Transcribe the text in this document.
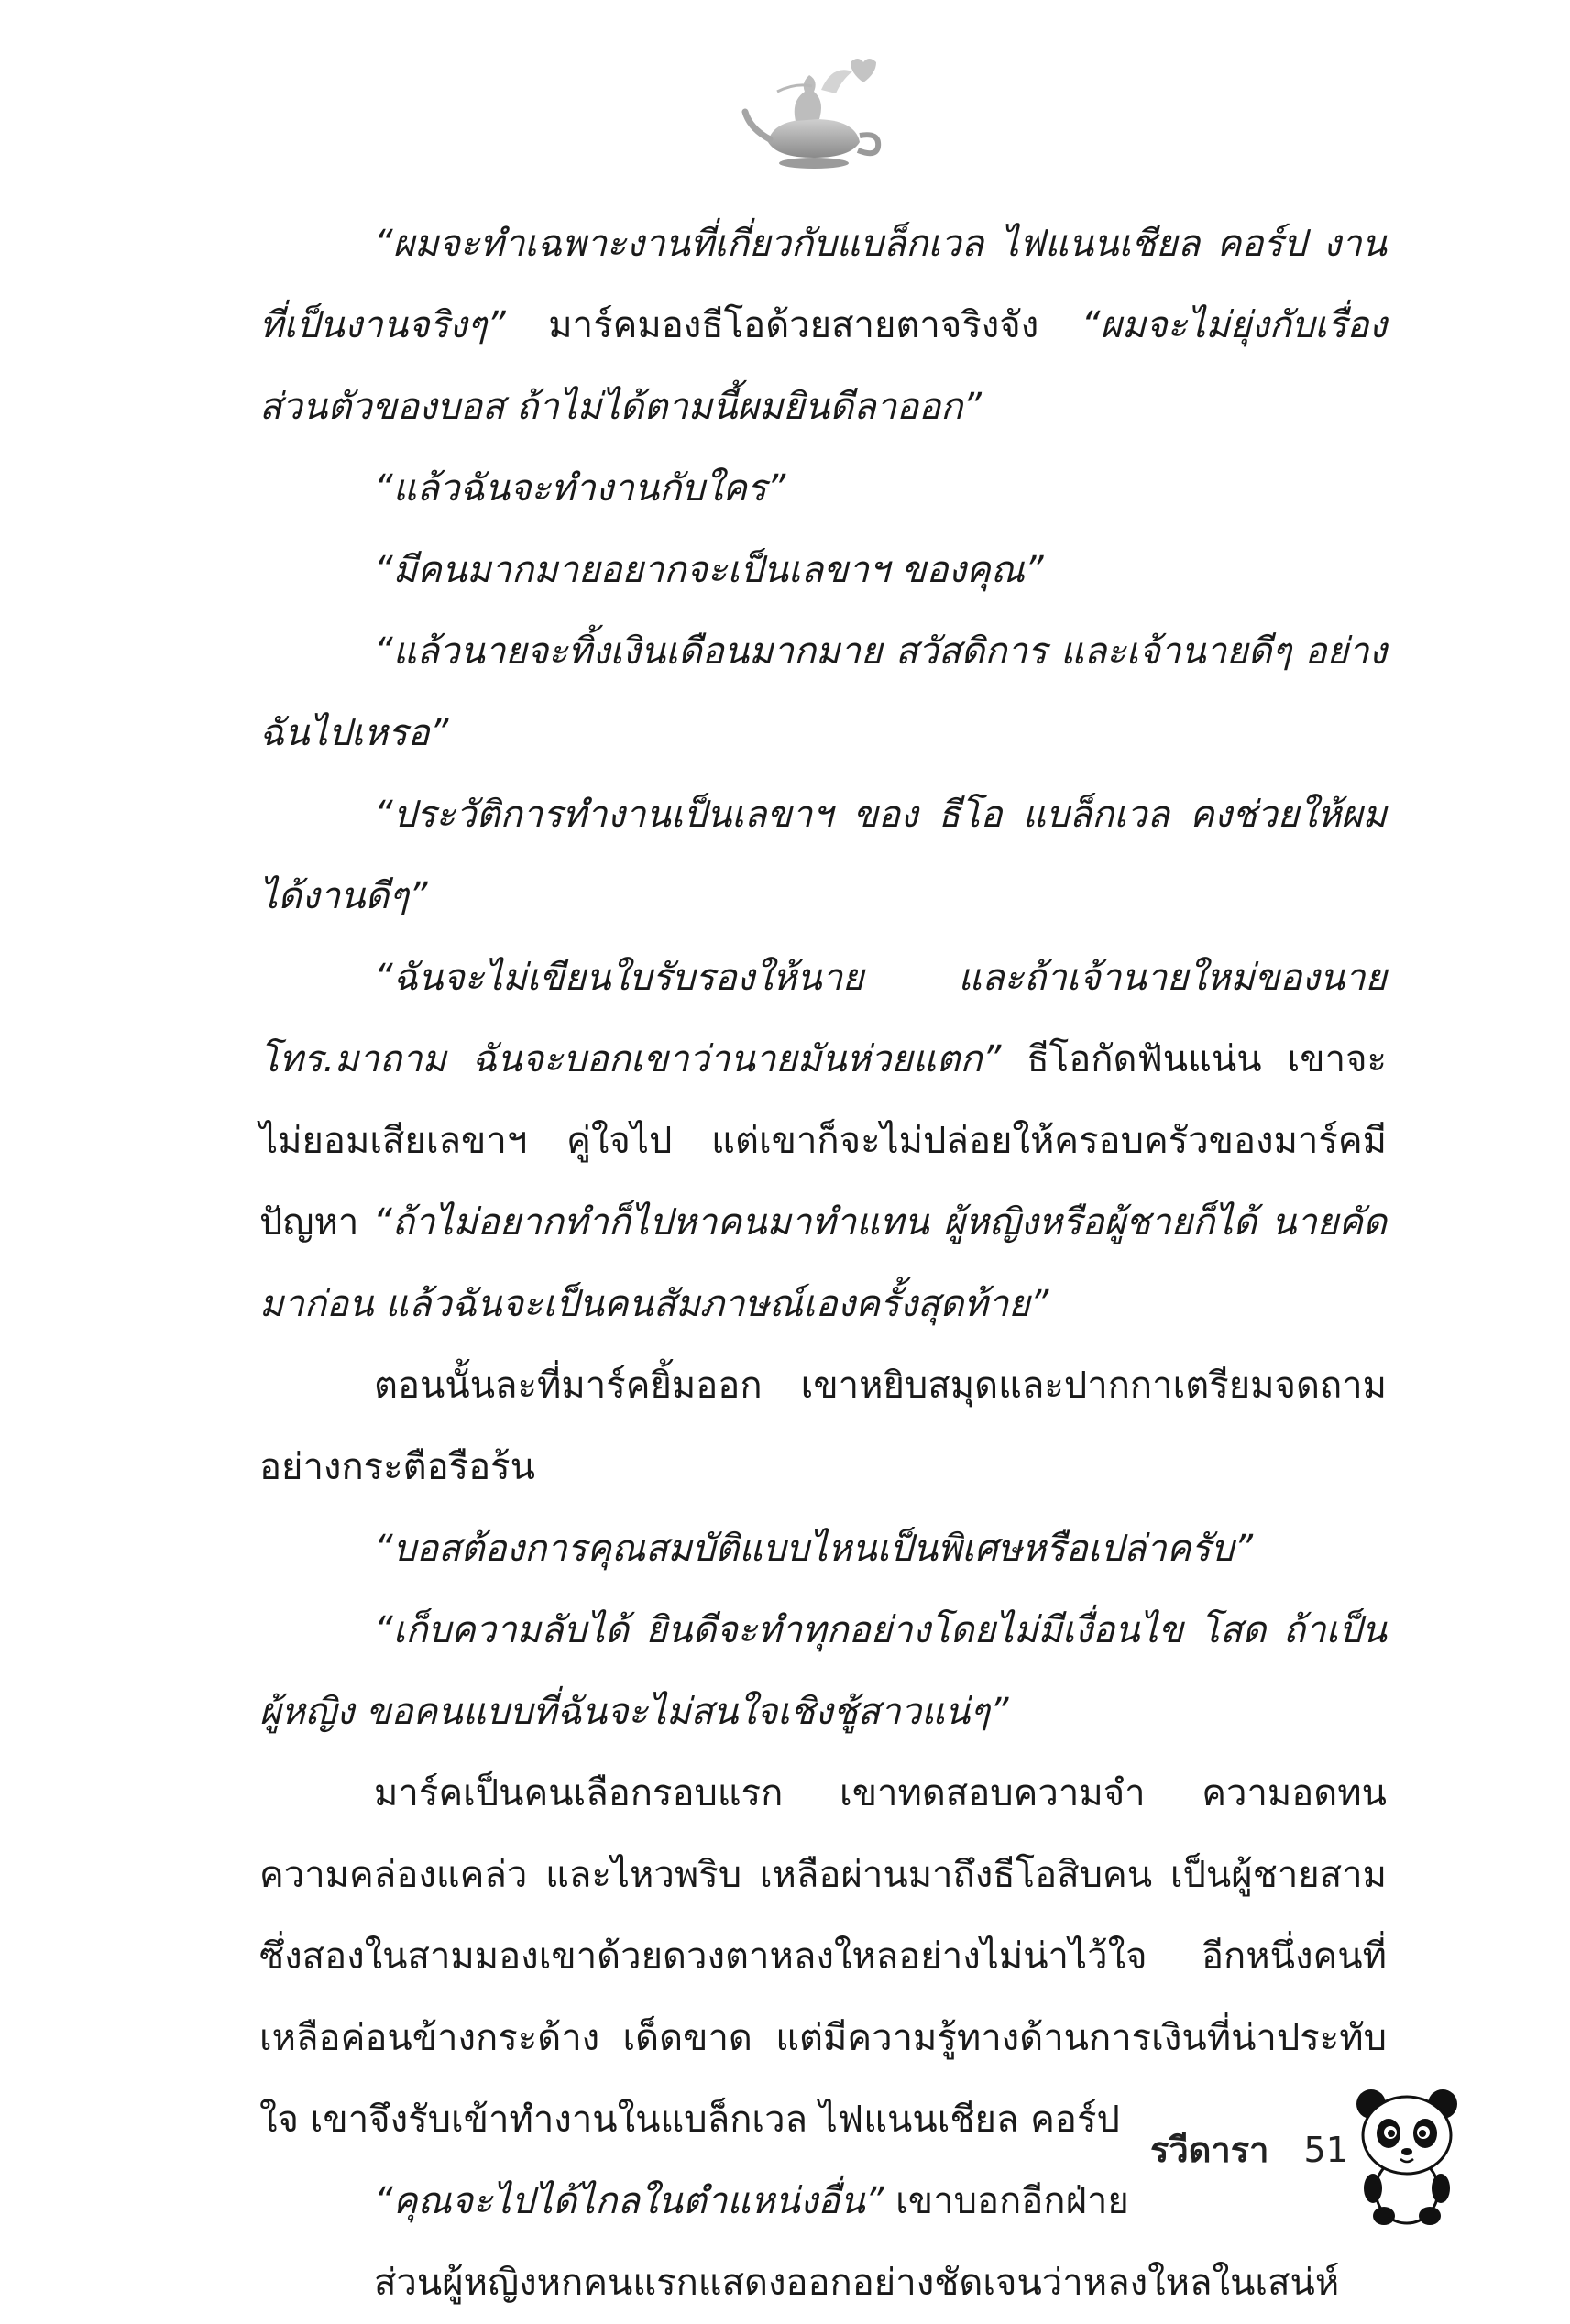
“ผมจะทำเฉพาะงานที่เกี่ยวกับแบล็กเวล ไฟแนนเชียล คอร์ป งานที่เป็นงานจริงๆ” มาร์คมองธีโอด้วยสายตาจริงจัง “ผมจะไม่ยุ่งกับเรื่องส่วนตัวของบอส ถ้าไม่ได้ตามนี้ผมยินดีลาออก”

“แล้วฉันจะทำงานกับใคร”

“มีคนมากมายอยากจะเป็นเลขาฯ ของคุณ”

“แล้วนายจะทิ้งเงินเดือนมากมาย สวัสดิการ และเจ้านายดีๆ อย่างฉันไปเหรอ”

“ประวัติการทำงานเป็นเลขาฯ ของ ธีโอ แบล็กเวล คงช่วยให้ผมได้งานดีๆ”

“ฉันจะไม่เขียนใบรับรองให้นาย และถ้าเจ้านายใหม่ของนายโทร.มาถาม ฉันจะบอกเขาว่านายมันห่วยแตก” ธีโอกัดฟันแน่น เขาจะไม่ยอมเสียเลขาฯ คู่ใจไป แต่เขาก็จะไม่ปล่อยให้ครอบครัวของมาร์คมีปัญหา “ถ้าไม่อยากทำก็ไปหาคนมาทำแทน ผู้หญิงหรือผู้ชายก็ได้ นายคัดมาก่อน แล้วฉันจะเป็นคนสัมภาษณ์เองครั้งสุดท้าย”

ตอนนั้นละที่มาร์คยิ้มออก เขาหยิบสมุดและปากกาเตรียมจดถามอย่างกระตือรือร้น

“บอสต้องการคุณสมบัติแบบไหนเป็นพิเศษหรือเปล่าครับ”

“เก็บความลับได้ ยินดีจะทำทุกอย่างโดยไม่มีเงื่อนไข โสด ถ้าเป็นผู้หญิง ขอคนแบบที่ฉันจะไม่สนใจเชิงชู้สาวแน่ๆ”

มาร์คเป็นคนเลือกรอบแรก เขาทดสอบความจำ ความอดทน ความคล่องแคล่ว และไหวพริบ เหลือผ่านมาถึงธีโอสิบคน เป็นผู้ชายสาม ซึ่งสองในสามมองเขาด้วยดวงตาหลงใหลอย่างไม่น่าไว้ใจ อีกหนึ่งคนที่เหลือค่อนข้างกระด้าง เด็ดขาด แต่มีความรู้ทางด้านการเงินที่น่าประทับใจ เขาจึงรับเข้าทำงานในแบล็กเวล ไฟแนนเชียล คอร์ป

“คุณจะไปได้ไกลในตำแหน่งอื่น” เขาบอกอีกฝ่าย

ส่วนผู้หญิงหกคนแรกแสดงออกอย่างชัดเจนว่าหลงใหลในเสน่ห์

รวีดารา 51
